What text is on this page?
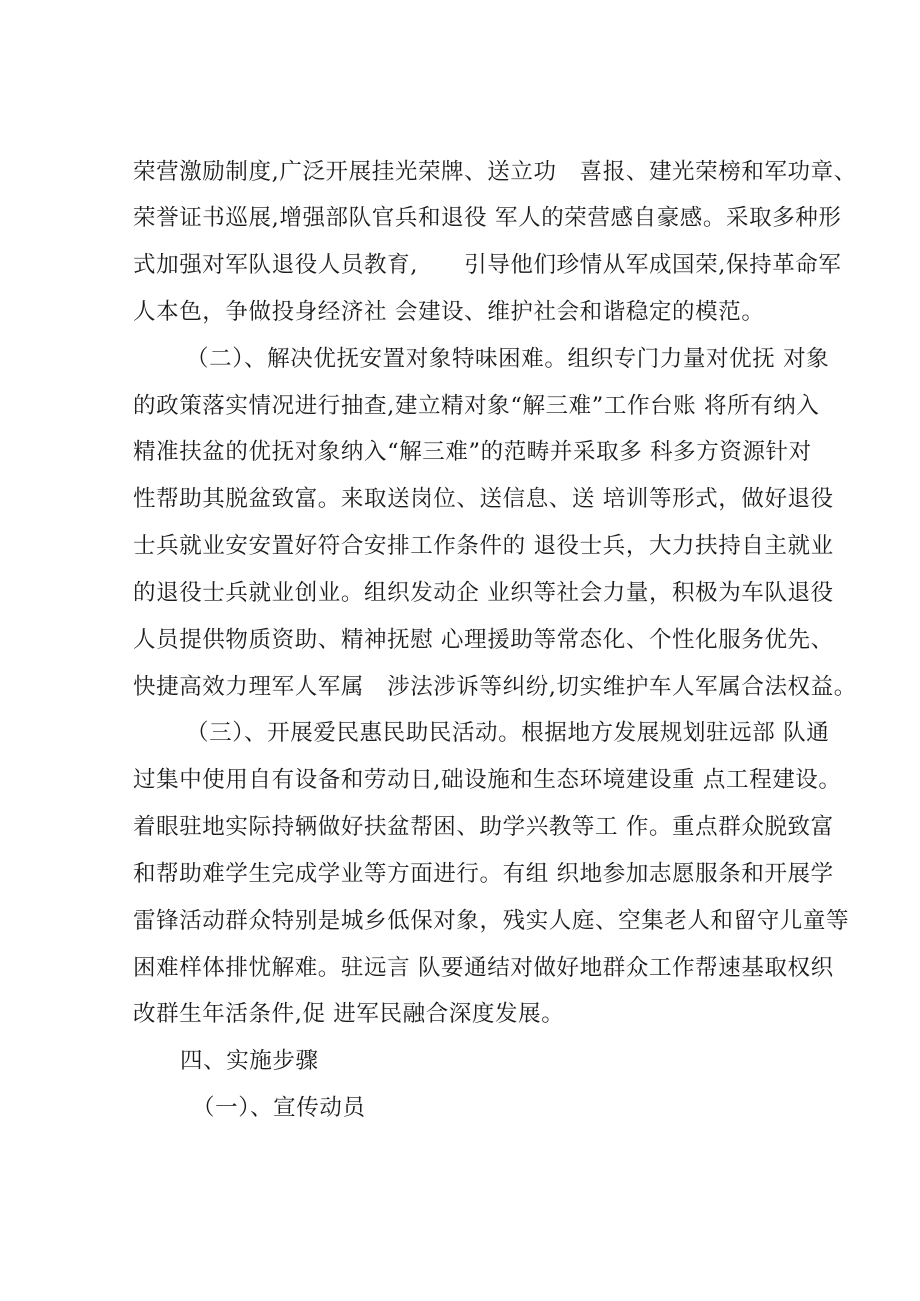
荣营激励制度,广泛开展挂光荣牌、送立功　喜报、建光荣榜和军功章、
荣誉证书巡展,增强部队官兵和退役 军人的荣营感自豪感。采取多种形
式加强对军队退役人员教育,　　引导他们珍情从军成国荣,保持革命军
人本色，争做投身经济社 会建设、维护社会和谐稳定的模范。
（二）、解决优抚安置对象特味困难。组织专门力量对优抚 对象
的政策落实情况进行抽查,建立精对象“解三难”工作台账 将所有纳入
精准扶盆的优抚对象纳入“解三难”的范畴并采取多 科多方资源针对
性帮助其脱盆致富。来取送岗位、送信息、送 培训等形式，做好退役
士兵就业安安置好符合安排工作条件的 退役士兵，大力扶持自主就业
的退役士兵就业创业。组织发动企 业织等社会力量，积极为车队退役
人员提供物质资助、精神抚慰 心理援助等常态化、个性化服务优先、
快捷高效力理军人军属　涉法涉诉等纠纷,切实维护车人军属合法权益。
（三）、开展爱民惠民助民活动。根据地方发展规划驻远部 队通
过集中使用自有设备和劳动日,础设施和生态环境建设重 点工程建设。
着眼驻地实际持辆做好扶盆帮困、助学兴教等工 作。重点群众脱致富
和帮助难学生完成学业等方面进行。有组 织地参加志愿服条和开展学
雷锋活动群众特别是城乡低保对象，残实人庭、空集老人和留守儿童等
困难样体排忧解难。驻远言 队要通结对做好地群众工作帮速基取权织
改群生年活条件,促 进军民融合深度发展。
四、实施步骤
（一）、宣传动员
